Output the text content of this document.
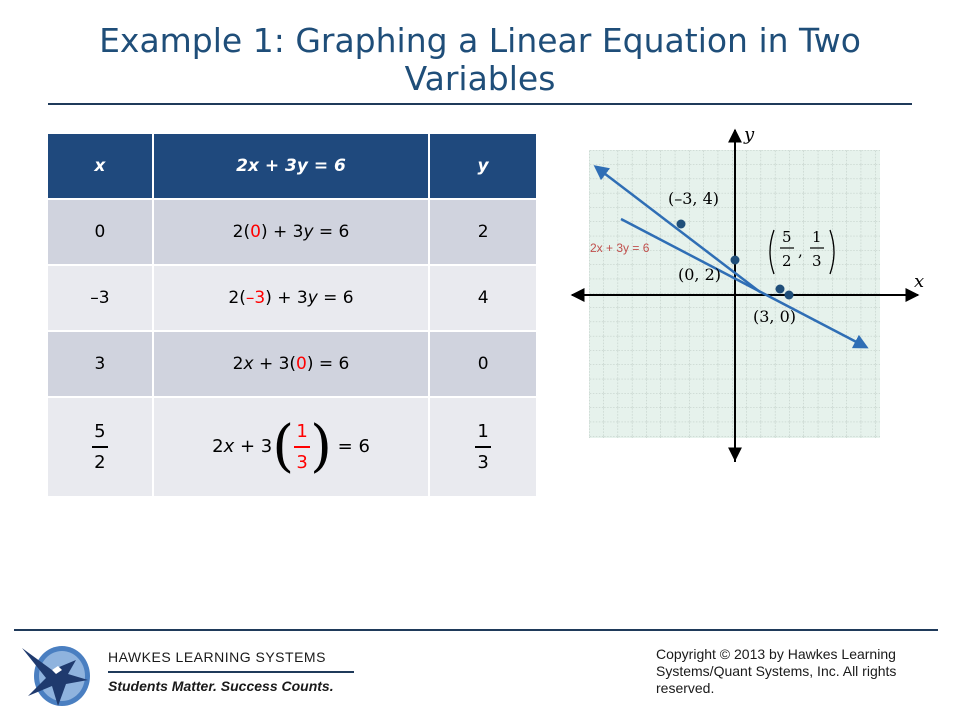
Example 1: Graphing a Linear Equation in Two Variables
x	2x + 3y = 6	y
0	2(0) + 3y = 6	2
–3	2(–3) + 3y = 6	4
3	2x + 3(0) = 6	0

$\frac{5}{2}$	$2x + 3( \frac{1}{3}$ ) = 6	$\frac{1}{3}$
x
y
(–3, 4)
(0, 2)
(3, 0)
5
2
,
1
3
2x + 3y = 6
HAWKES LEARNING SYSTEMS
Students Matter. Success Counts.
Copyright © 2013 by Hawkes Learning Systems/Quant Systems, Inc. All rights reserved.
